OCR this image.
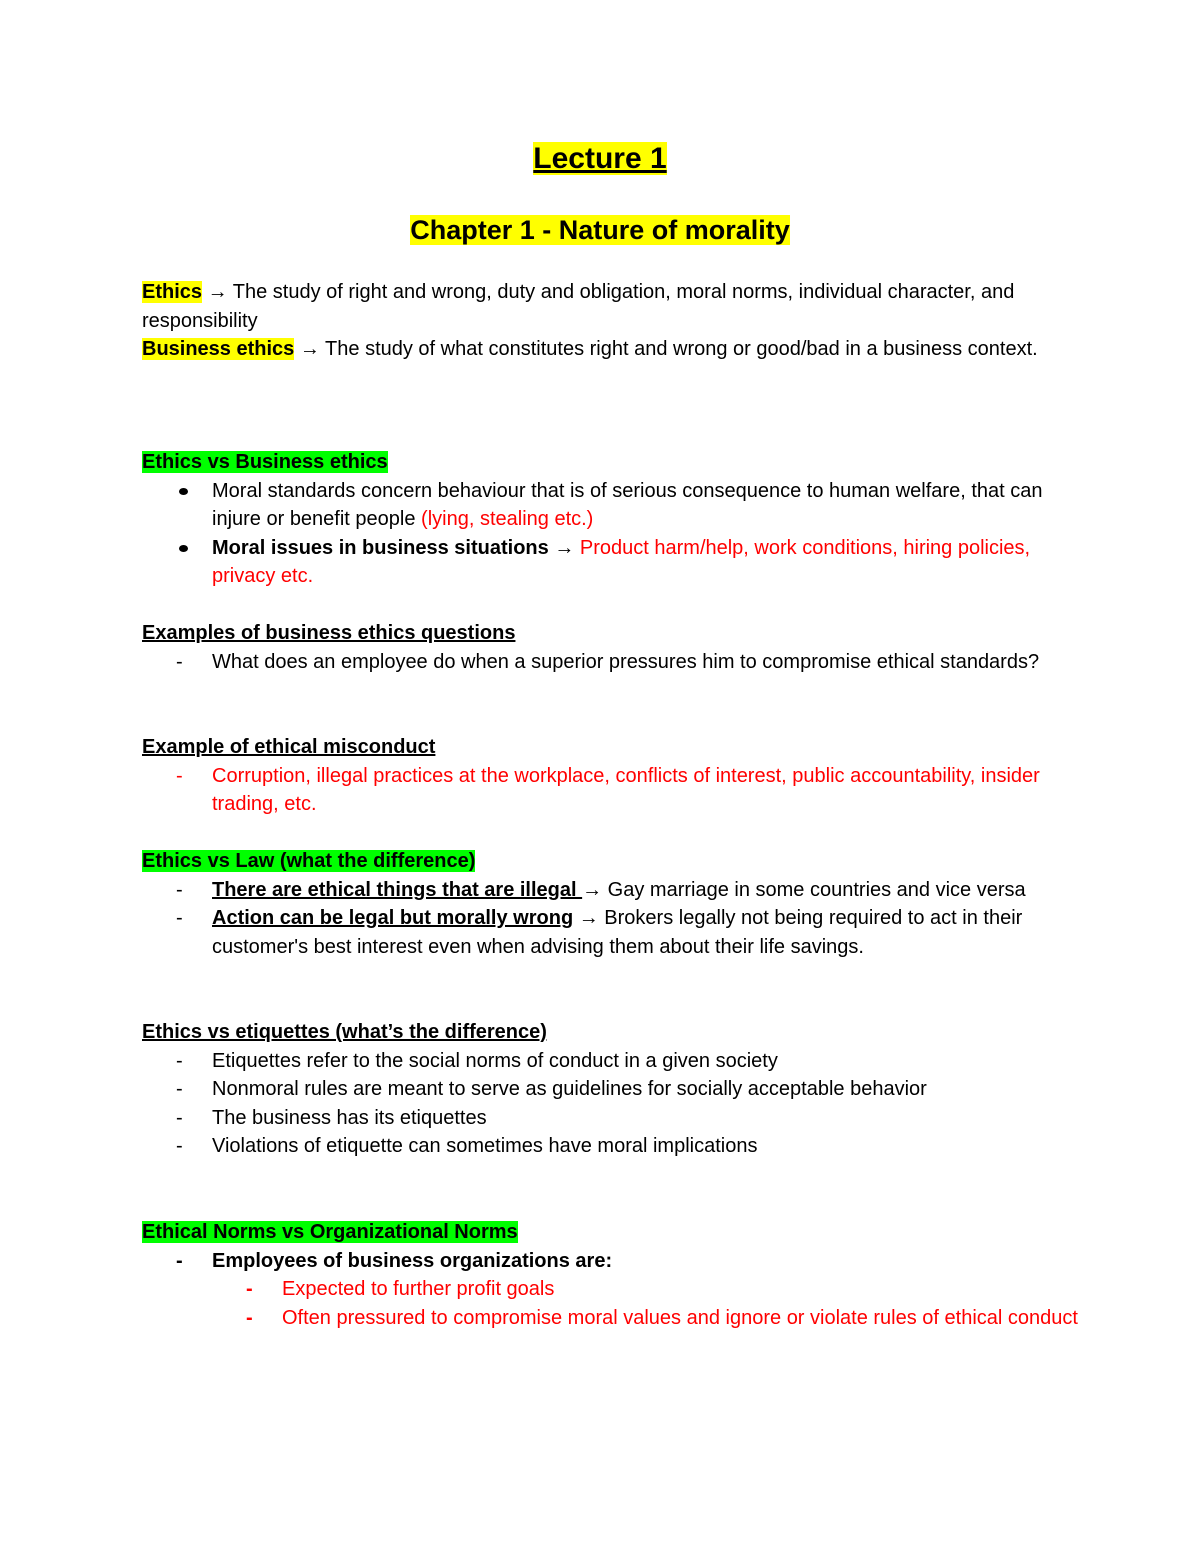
Lecture 1
Chapter 1 - Nature of morality
Ethics → The study of right and wrong, duty and obligation, moral norms, individual character, and responsibility
Business ethics → The study of what constitutes right and wrong or good/bad in a business context.
Ethics vs Business ethics
Moral standards concern behaviour that is of serious consequence to human welfare, that can injure or benefit people (lying, stealing etc.)
Moral issues in business situations → Product harm/help, work conditions, hiring policies, privacy etc.
Examples of business ethics questions
- What does an employee do when a superior pressures him to compromise ethical standards?
Example of ethical misconduct
- Corruption, illegal practices at the workplace, conflicts of interest, public accountability, insider trading, etc.
Ethics vs Law (what the difference)
- There are ethical things that are illegal → Gay marriage in some countries and vice versa
- Action can be legal but morally wrong → Brokers legally not being required to act in their customer's best interest even when advising them about their life savings.
Ethics vs etiquettes (what’s the difference)
- Etiquettes refer to the social norms of conduct in a given society
- Nonmoral rules are meant to serve as guidelines for socially acceptable behavior
- The business has its etiquettes
- Violations of etiquette can sometimes have moral implications
Ethical Norms vs Organizational Norms
- Employees of business organizations are:
- Expected to further profit goals
- Often pressured to compromise moral values and ignore or violate rules of ethical conduct
